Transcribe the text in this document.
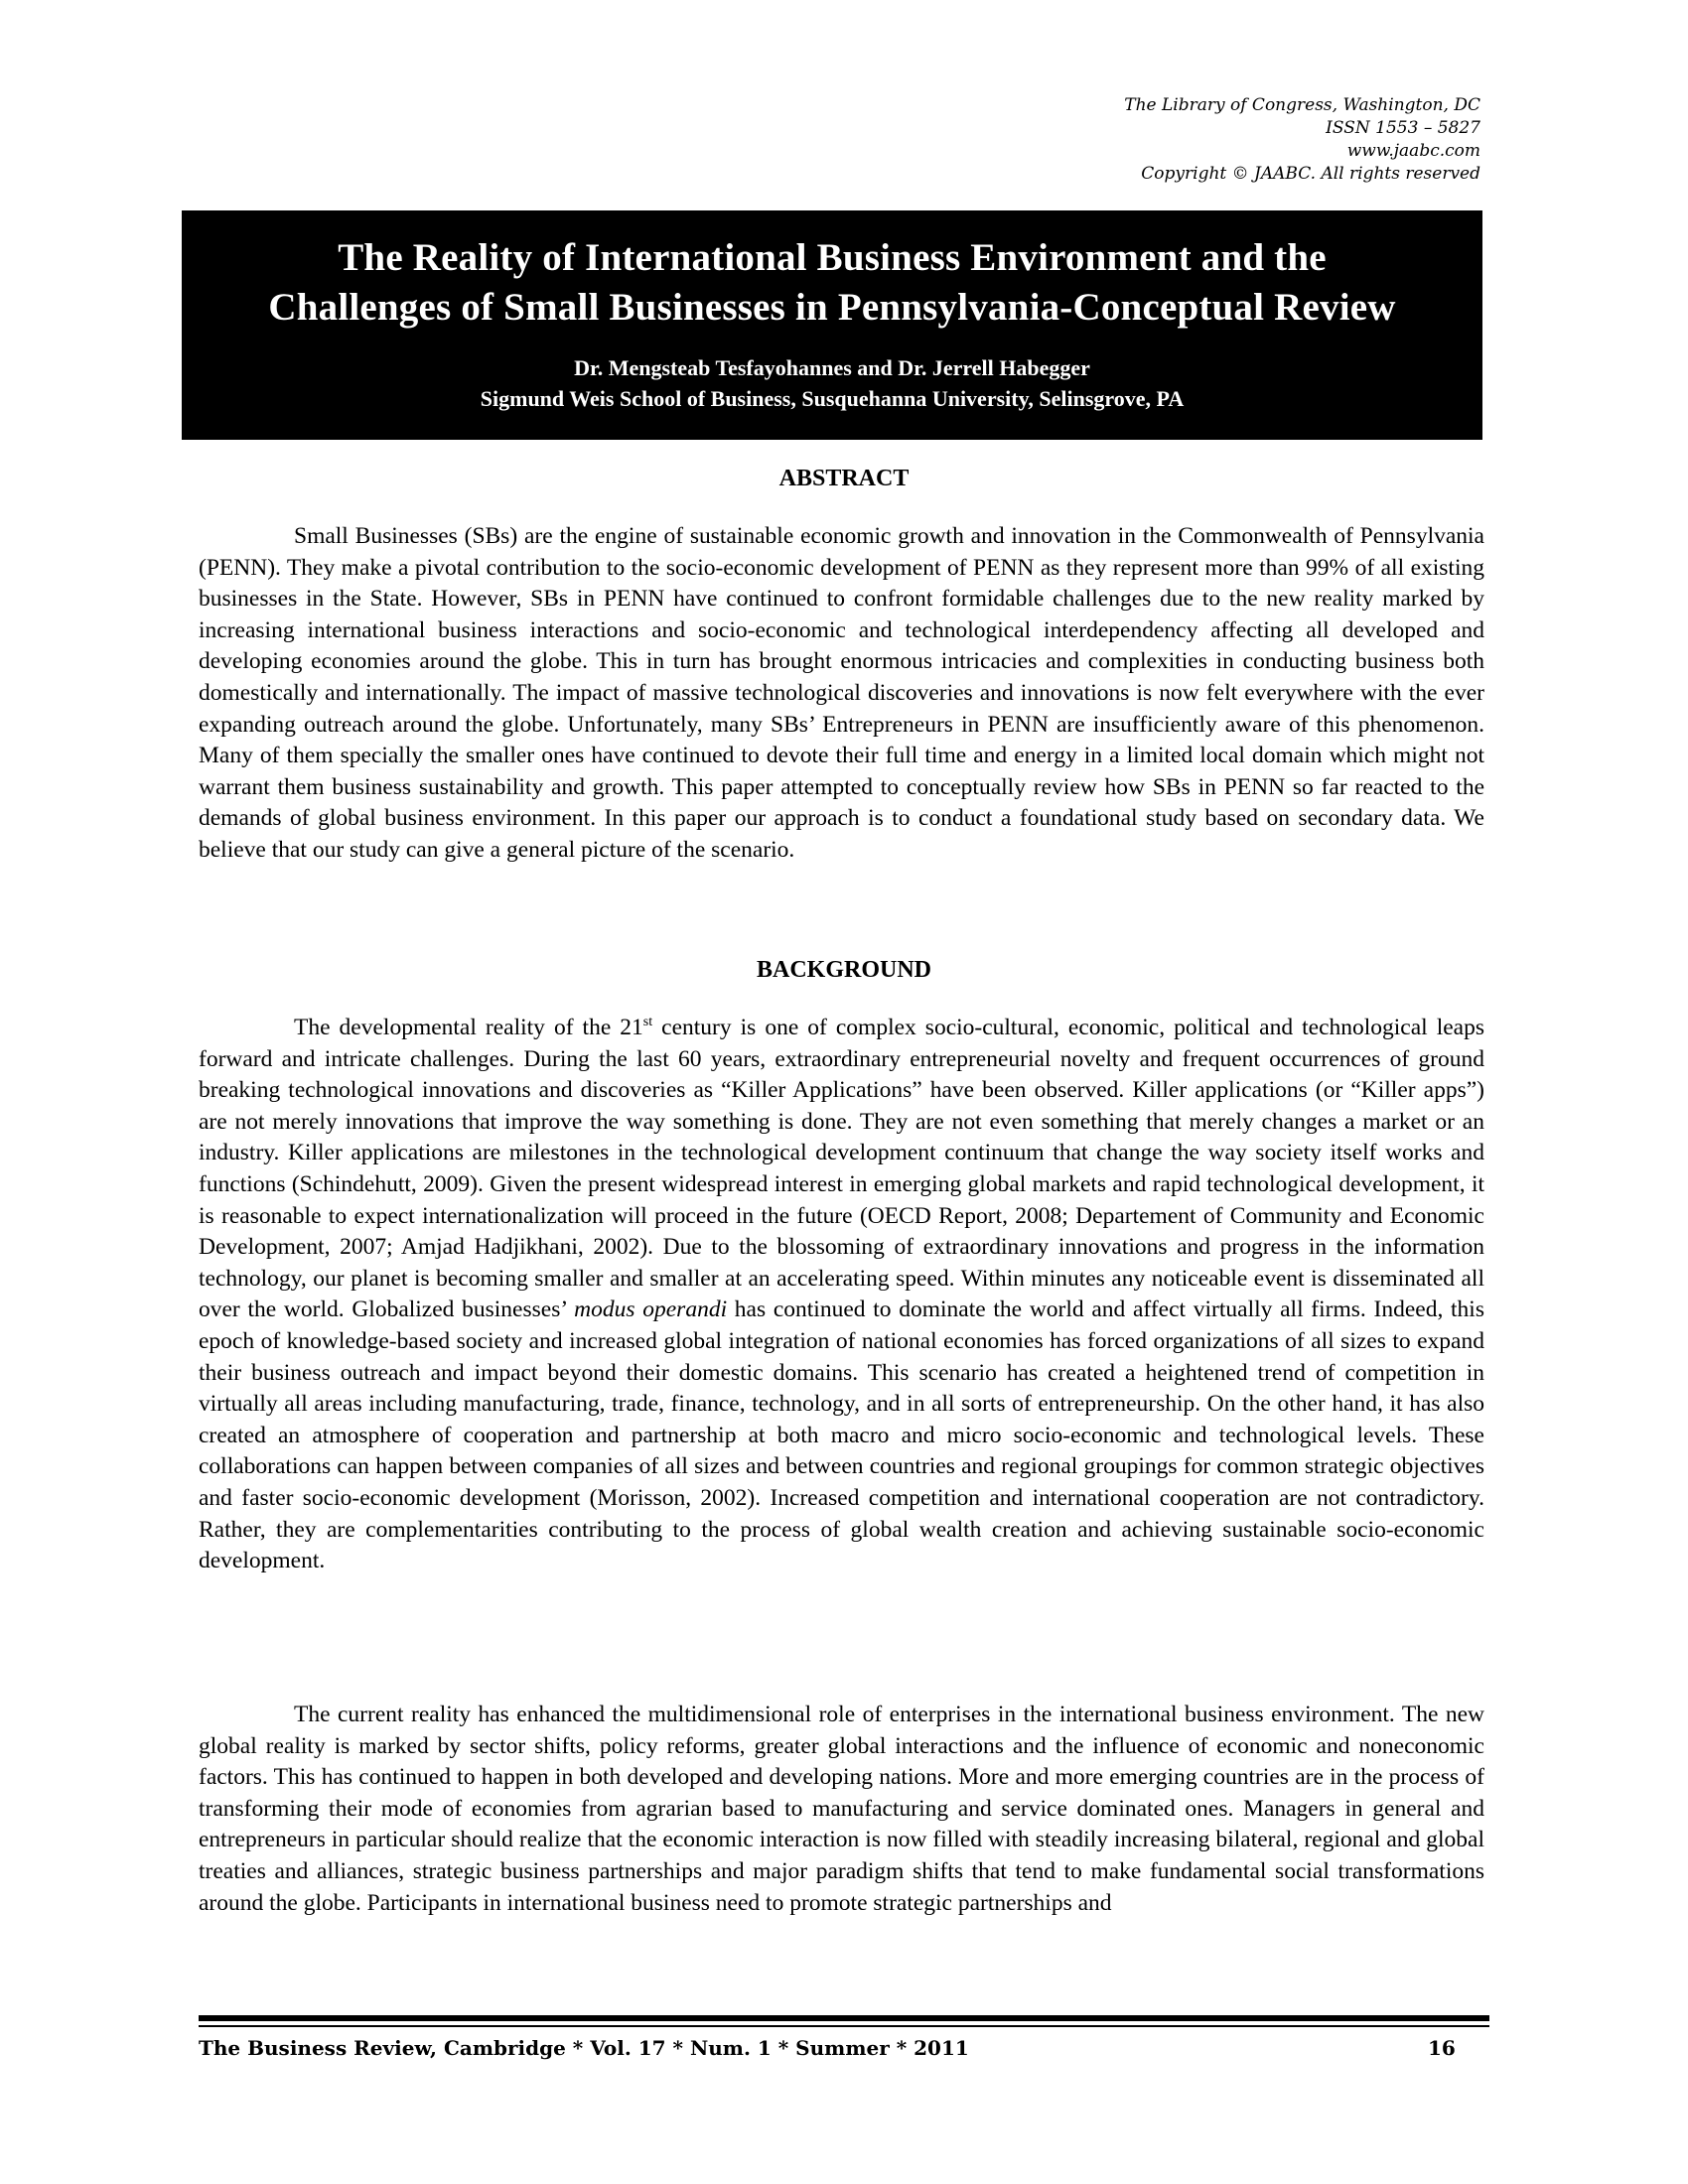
The Library of Congress, Washington, DC
ISSN 1553 – 5827
www.jaabc.com
Copyright © JAABC. All rights reserved
The Reality of International Business Environment and the
Challenges of Small Businesses in Pennsylvania-Conceptual Review
Dr. Mengsteab Tesfayohannes and Dr. Jerrell Habegger
Sigmund Weis School of Business, Susquehanna University, Selinsgrove, PA
ABSTRACT

Small Businesses (SBs) are the engine of sustainable economic growth and innovation in the Commonwealth of Pennsylvania (PENN). They make a pivotal contribution to the socio-economic development of PENN as they represent more than 99% of all existing businesses in the State. However, SBs in PENN have continued to confront formidable challenges due to the new reality marked by increasing international business interactions and socio-economic and technological interdependency affecting all developed and developing economies around the globe. This in turn has brought enormous intricacies and complexities in conducting business both domestically and internationally. The impact of massive technological discoveries and innovations is now felt everywhere with the ever expanding outreach around the globe. Unfortunately, many SBs’ Entrepreneurs in PENN are insufficiently aware of this phenomenon. Many of them specially the smaller ones have continued to devote their full time and energy in a limited local domain which might not warrant them business sustainability and growth. This paper attempted to conceptually review how SBs in PENN so far reacted to the demands of global business environment. In this paper our approach is to conduct a foundational study based on secondary data. We believe that our study can give a general picture of the scenario.

BACKGROUND

The developmental reality of the 21st century is one of complex socio-cultural, economic, political and technological leaps forward and intricate challenges. During the last 60 years, extraordinary entrepreneurial novelty and frequent occurrences of ground breaking technological innovations and discoveries as “Killer Applications” have been observed. Killer applications (or “Killer apps”) are not merely innovations that improve the way something is done. They are not even something that merely changes a market or an industry. Killer applications are milestones in the technological development continuum that change the way society itself works and functions (Schindehutt, 2009). Given the present widespread interest in emerging global markets and rapid technological development, it is reasonable to expect internationalization will proceed in the future (OECD Report, 2008; Departement of Community and Economic Development, 2007; Amjad Hadjikhani, 2002). Due to the blossoming of extraordinary innovations and progress in the information technology, our planet is becoming smaller and smaller at an accelerating speed. Within minutes any noticeable event is disseminated all over the world. Globalized businesses’ modus operandi has continued to dominate the world and affect virtually all firms. Indeed, this epoch of knowledge-based society and increased global integration of national economies has forced organizations of all sizes to expand their business outreach and impact beyond their domestic domains. This scenario has created a heightened trend of competition in virtually all areas including manufacturing, trade, finance, technology, and in all sorts of entrepreneurship. On the other hand, it has also created an atmosphere of cooperation and partnership at both macro and micro socio-economic and technological levels. These collaborations can happen between companies of all sizes and between countries and regional groupings for common strategic objectives and faster socio-economic development (Morisson, 2002). Increased competition and international cooperation are not contradictory. Rather, they are complementarities contributing to the process of global wealth creation and achieving sustainable socio-economic development.

The current reality has enhanced the multidimensional role of enterprises in the international business environment. The new global reality is marked by sector shifts, policy reforms, greater global interactions and the influence of economic and noneconomic factors. This has continued to happen in both developed and developing nations. More and more emerging countries are in the process of transforming their mode of economies from agrarian based to manufacturing and service dominated ones. Managers in general and entrepreneurs in particular should realize that the economic interaction is now filled with steadily increasing bilateral, regional and global treaties and alliances, strategic business partnerships and major paradigm shifts that tend to make fundamental social transformations around the globe. Participants in international business need to promote strategic partnerships and

The Business Review, Cambridge * Vol. 17 * Num. 1 * Summer * 2011	16
